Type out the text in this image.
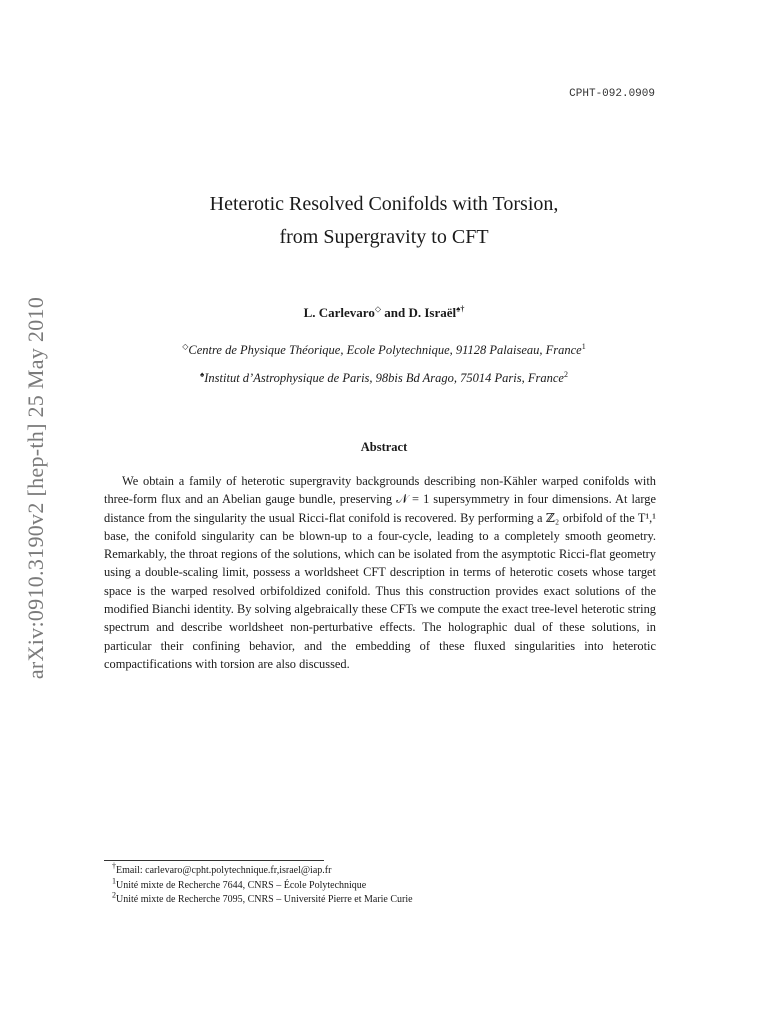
arXiv:0910.3190v2 [hep-th] 25 May 2010
CPHT-092.0909
Heterotic Resolved Conifolds with Torsion,
from Supergravity to CFT
L. Carlevaro◇ and D. Israël♠†
◇Centre de Physique Théorique, Ecole Polytechnique, 91128 Palaiseau, France$^1$
♠Institut d’Astrophysique de Paris, 98bis Bd Arago, 75014 Paris, France$^2$
Abstract

We obtain a family of heterotic supergravity backgrounds describing non-Kähler warped conifolds with three-form flux and an Abelian gauge bundle, preserving 𝒩 = 1 supersymmetry in four dimensions. At large distance from the singularity the usual Ricci-flat conifold is recovered. By performing a ℤ₂ orbifold of the T¹,¹ base, the conifold singularity can be blown-up to a four-cycle, leading to a completely smooth geometry. Remarkably, the throat regions of the solutions, which can be isolated from the asymptotic Ricci-flat geometry using a double-scaling limit, possess a worldsheet CFT description in terms of heterotic cosets whose target space is the warped resolved orbifoldized conifold. Thus this construction provides exact solutions of the modified Bianchi identity. By solving algebraically these CFTs we compute the exact tree-level heterotic string spectrum and describe worldsheet non-perturbative effects. The holographic dual of these solutions, in particular their confining behavior, and the embedding of these fluxed singularities into heterotic compactifications with torsion are also discussed.

†Email: carlevaro@cpht.polytechnique.fr,israel@iap.fr
$^1$Unité mixte de Recherche 7644, CNRS – École Polytechnique
$^2$Unité mixte de Recherche 7095, CNRS – Université Pierre et Marie Curie
